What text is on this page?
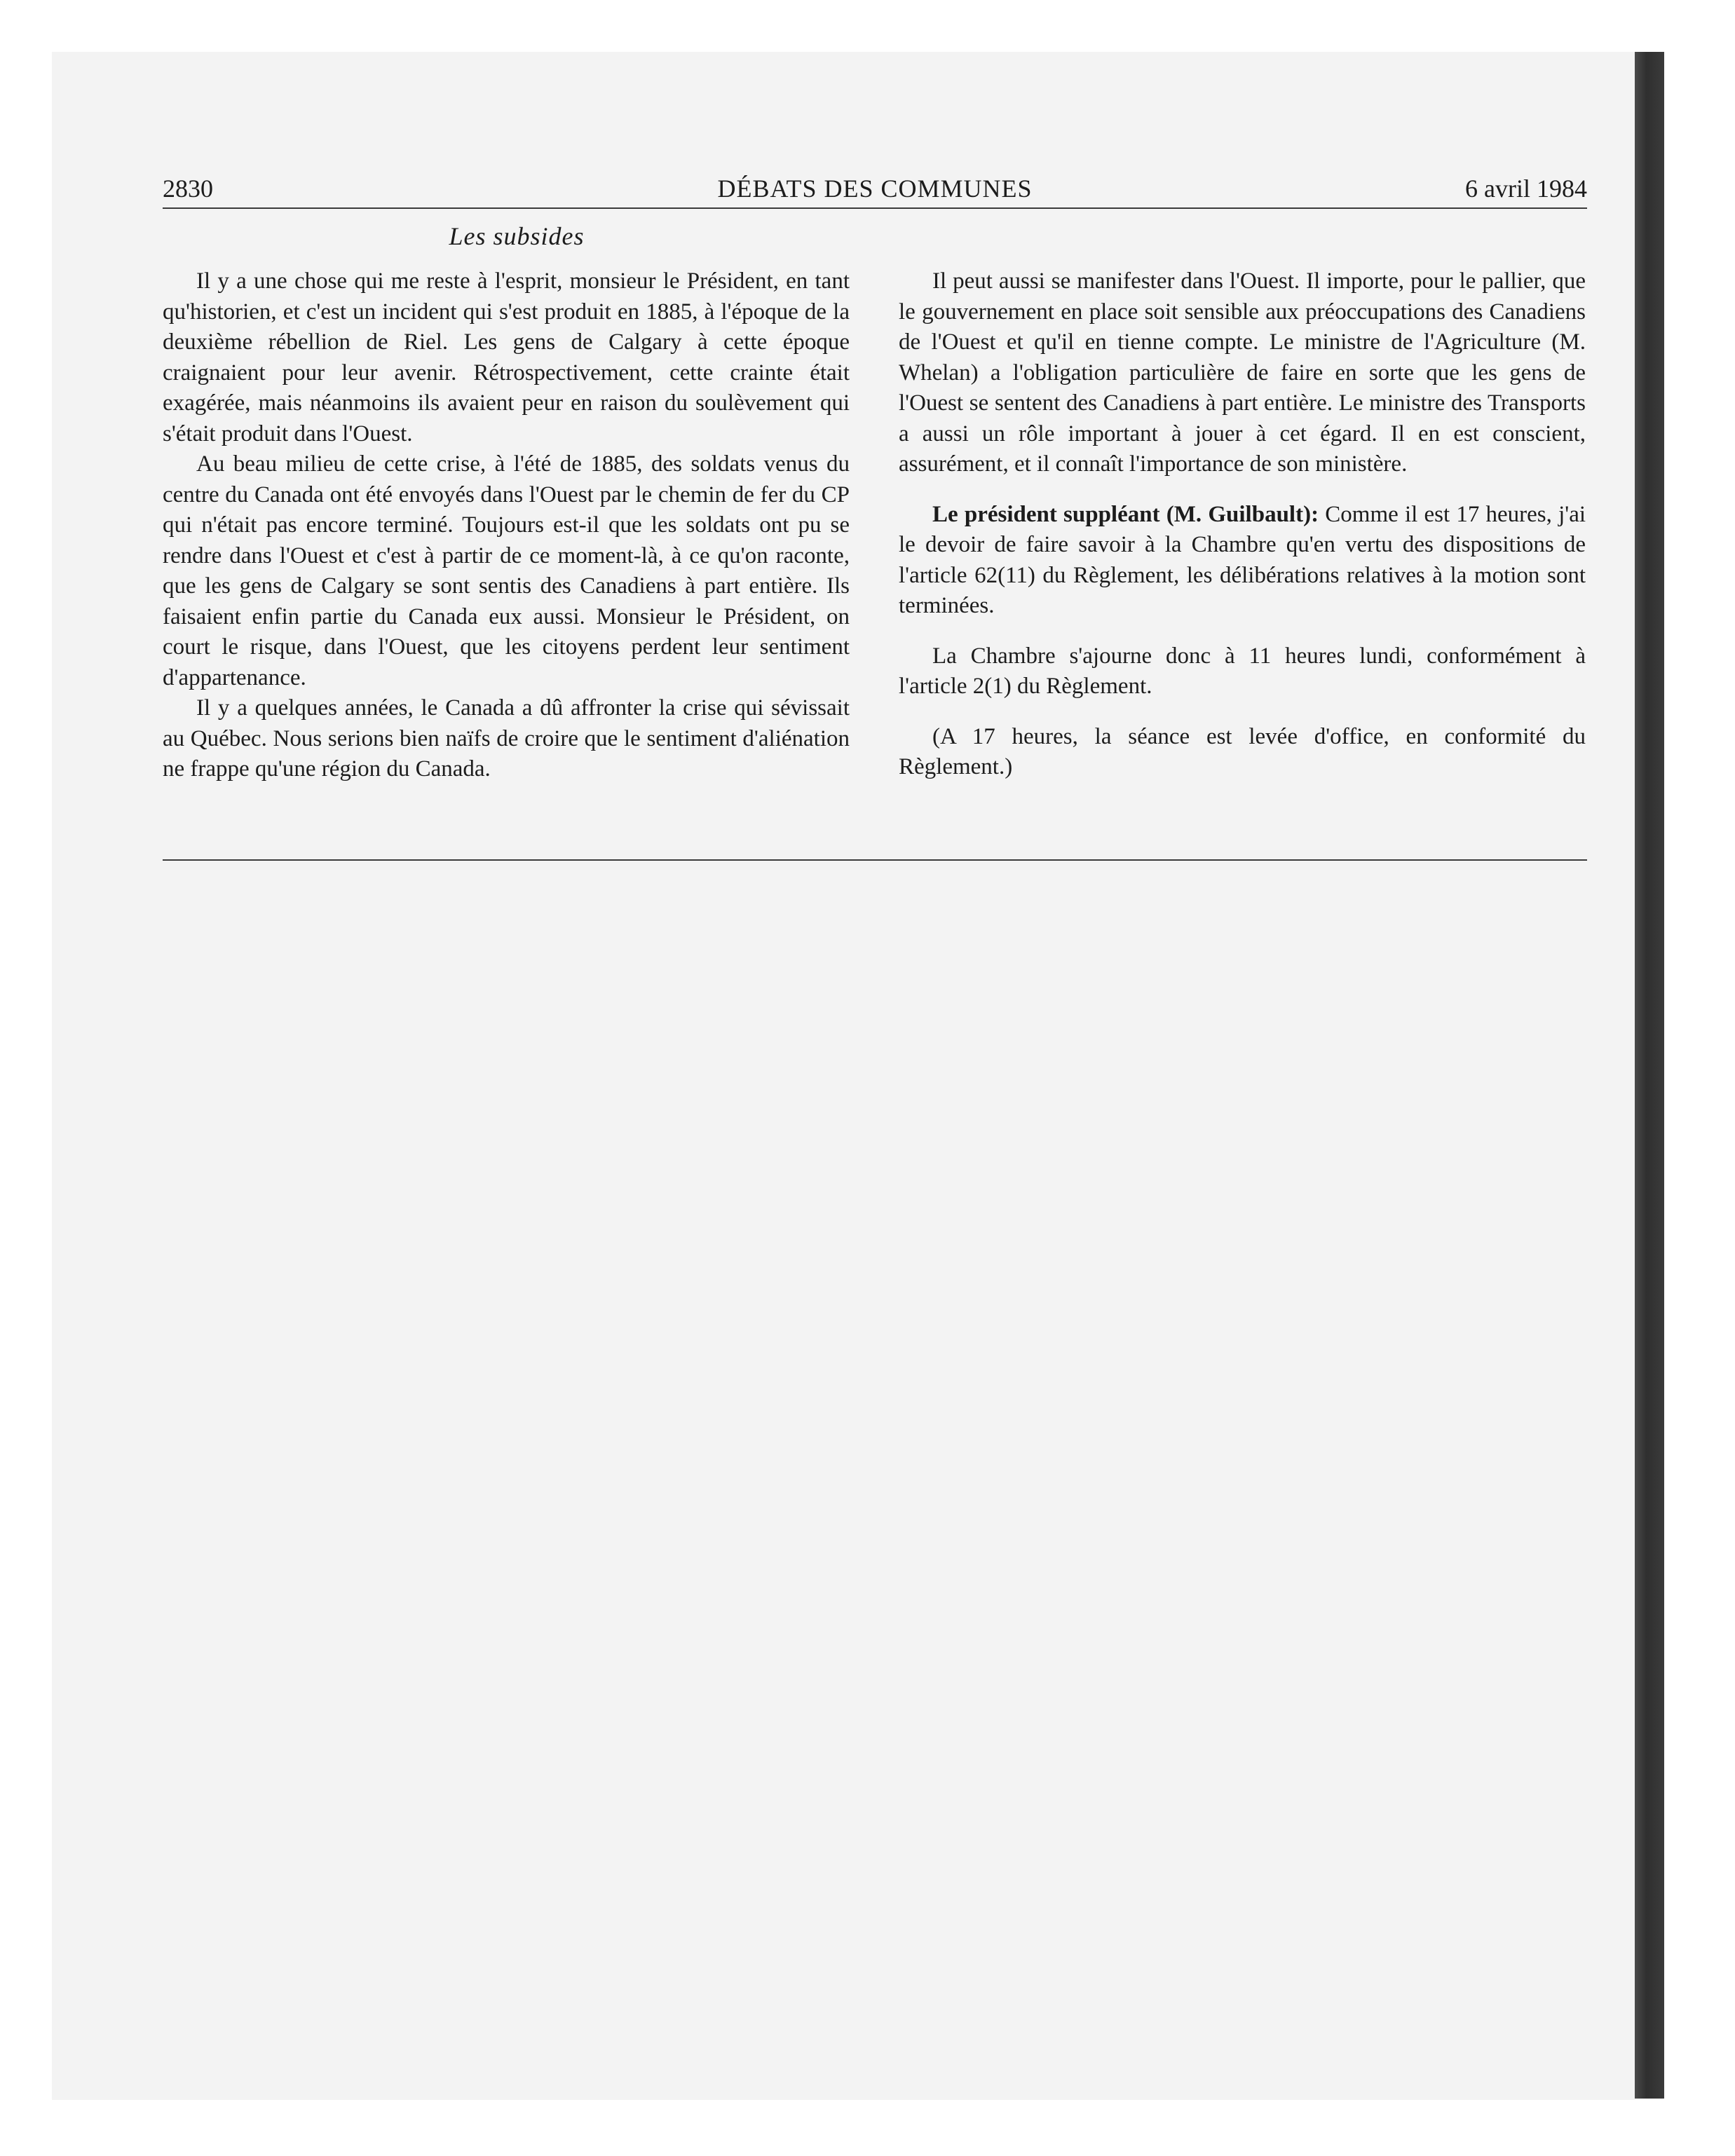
2830	DÉBATS DES COMMUNES	6 avril 1984
Les subsides

Il y a une chose qui me reste à l'esprit, monsieur le Président, en tant qu'historien, et c'est un incident qui s'est produit en 1885, à l'époque de la deuxième rébellion de Riel. Les gens de Calgary à cette époque craignaient pour leur avenir. Rétrospectivement, cette crainte était exagérée, mais néanmoins ils avaient peur en raison du soulèvement qui s'était produit dans l'Ouest.

Au beau milieu de cette crise, à l'été de 1885, des soldats venus du centre du Canada ont été envoyés dans l'Ouest par le chemin de fer du CP qui n'était pas encore terminé. Toujours est-il que les soldats ont pu se rendre dans l'Ouest et c'est à partir de ce moment-là, à ce qu'on raconte, que les gens de Calgary se sont sentis des Canadiens à part entière. Ils faisaient enfin partie du Canada eux aussi. Monsieur le Président, on court le risque, dans l'Ouest, que les citoyens perdent leur sentiment d'appartenance.

Il y a quelques années, le Canada a dû affronter la crise qui sévissait au Québec. Nous serions bien naïfs de croire que le sentiment d'aliénation ne frappe qu'une région du Canada.

Il peut aussi se manifester dans l'Ouest. Il importe, pour le pallier, que le gouvernement en place soit sensible aux préoccupations des Canadiens de l'Ouest et qu'il en tienne compte. Le ministre de l'Agriculture (M. Whelan) a l'obligation particulière de faire en sorte que les gens de l'Ouest se sentent des Canadiens à part entière. Le ministre des Transports a aussi un rôle important à jouer à cet égard. Il en est conscient, assurément, et il connaît l'importance de son ministère.

Le président suppléant (M. Guilbault): Comme il est 17 heures, j'ai le devoir de faire savoir à la Chambre qu'en vertu des dispositions de l'article 62(11) du Règlement, les délibérations relatives à la motion sont terminées.

La Chambre s'ajourne donc à 11 heures lundi, conformément à l'article 2(1) du Règlement.

(A 17 heures, la séance est levée d'office, en conformité du Règlement.)
